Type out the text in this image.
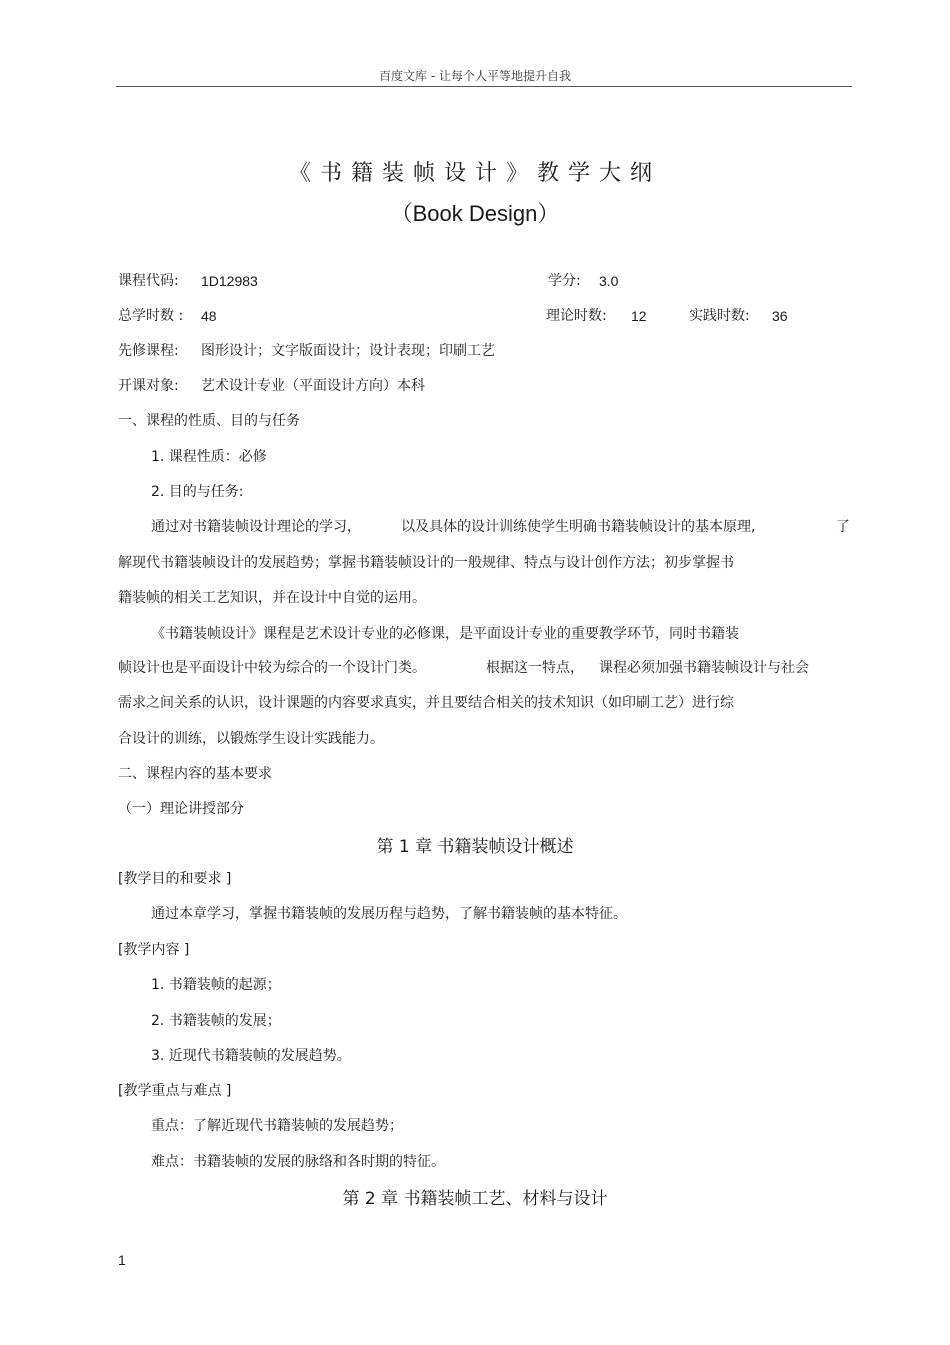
百度文库 - 让每个人平等地提升自我
《书籍装帧设计》教学大纲
（Book Design）
课程代码: 1D12983	学分: 3.0
总学时数 : 48	理论时数: 12	实践时数: 36
先修课程: 图形设计；文字版面设计；设计表现；印刷工艺
开课对象: 艺术设计专业（平面设计方向）本科
一、课程的性质、目的与任务
1. 课程性质：必修
2. 目的与任务:
通过对书籍装帧设计理论的学习，	以及具体的设计训练使学生明确书籍装帧设计的基本原理,	了
解现代书籍装帧设计的发展趋势；掌握书籍装帧设计的一般规律、特点与设计创作方法；初步掌握书
籍装帧的相关工艺知识，并在设计中自觉的运用。
《书籍装帧设计》课程是艺术设计专业的必修课，是平面设计专业的重要教学环节，同时书籍装
帧设计也是平面设计中较为综合的一个设计门类。	根据这一特点， 课程必须加强书籍装帧设计与社会
需求之间关系的认识，设计课题的内容要求真实，并且要结合相关的技术知识（如印刷工艺）进行综
合设计的训练，以锻炼学生设计实践能力。
二、课程内容的基本要求
（一）理论讲授部分
第 1 章 书籍装帧设计概述
[教学目的和要求 ]
通过本章学习，掌握书籍装帧的发展历程与趋势，了解书籍装帧的基本特征。
[教学内容 ]
1. 书籍装帧的起源；
2. 书籍装帧的发展；
3. 近现代书籍装帧的发展趋势。
[教学重点与难点 ]
重点：了解近现代书籍装帧的发展趋势；
难点：书籍装帧的发展的脉络和各时期的特征。
第 2 章 书籍装帧工艺、材料与设计
1
